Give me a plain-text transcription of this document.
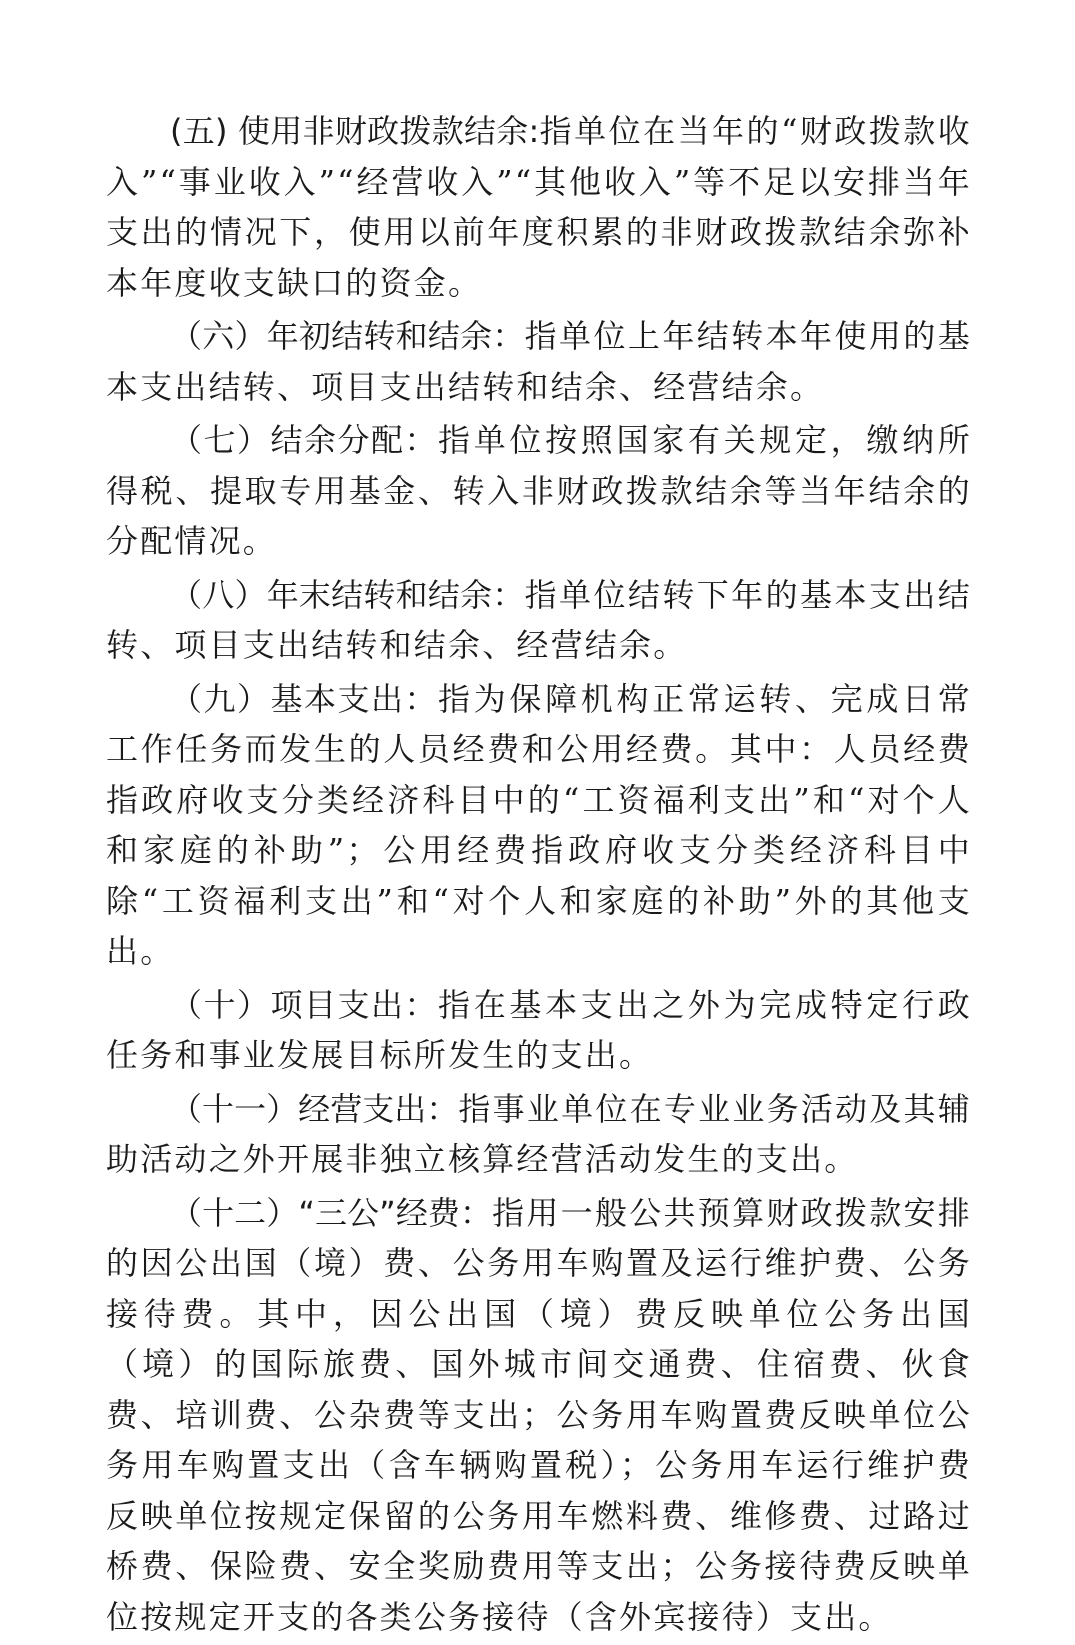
(五) 使用非财政拨款结余:指单位在当年的“财政拨款收入”“事业收入”“经营收入”“其他收入”等不足以安排当年支出的情况下，使用以前年度积累的非财政拨款结余弥补本年度收支缺口的资金。

（六）年初结转和结余：指单位上年结转本年使用的基本支出结转、项目支出结转和结余、经营结余。

（七）结余分配：指单位按照国家有关规定，缴纳所得税、提取专用基金、转入非财政拨款结余等当年结余的分配情况。

（八）年末结转和结余：指单位结转下年的基本支出结转、项目支出结转和结余、经营结余。

（九）基本支出：指为保障机构正常运转、完成日常工作任务而发生的人员经费和公用经费。其中：人员经费指政府收支分类经济科目中的“工资福利支出”和“对个人和家庭的补助”；公用经费指政府收支分类经济科目中除“工资福利支出”和“对个人和家庭的补助”外的其他支出。

（十）项目支出：指在基本支出之外为完成特定行政任务和事业发展目标所发生的支出。

（十一）经营支出：指事业单位在专业业务活动及其辅助活动之外开展非独立核算经营活动发生的支出。

（十二）“三公”经费：指用一般公共预算财政拨款安排的因公出国（境）费、公务用车购置及运行维护费、公务接待费。其中，因公出国（境）费反映单位公务出国（境）的国际旅费、国外城市间交通费、住宿费、伙食费、培训费、公杂费等支出；公务用车购置费反映单位公务用车购置支出（含车辆购置税）；公务用车运行维护费反映单位按规定保留的公务用车燃料费、维修费、过路过桥费、保险费、安全奖励费用等支出；公务接待费反映单位按规定开支的各类公务接待（含外宾接待）支出。
